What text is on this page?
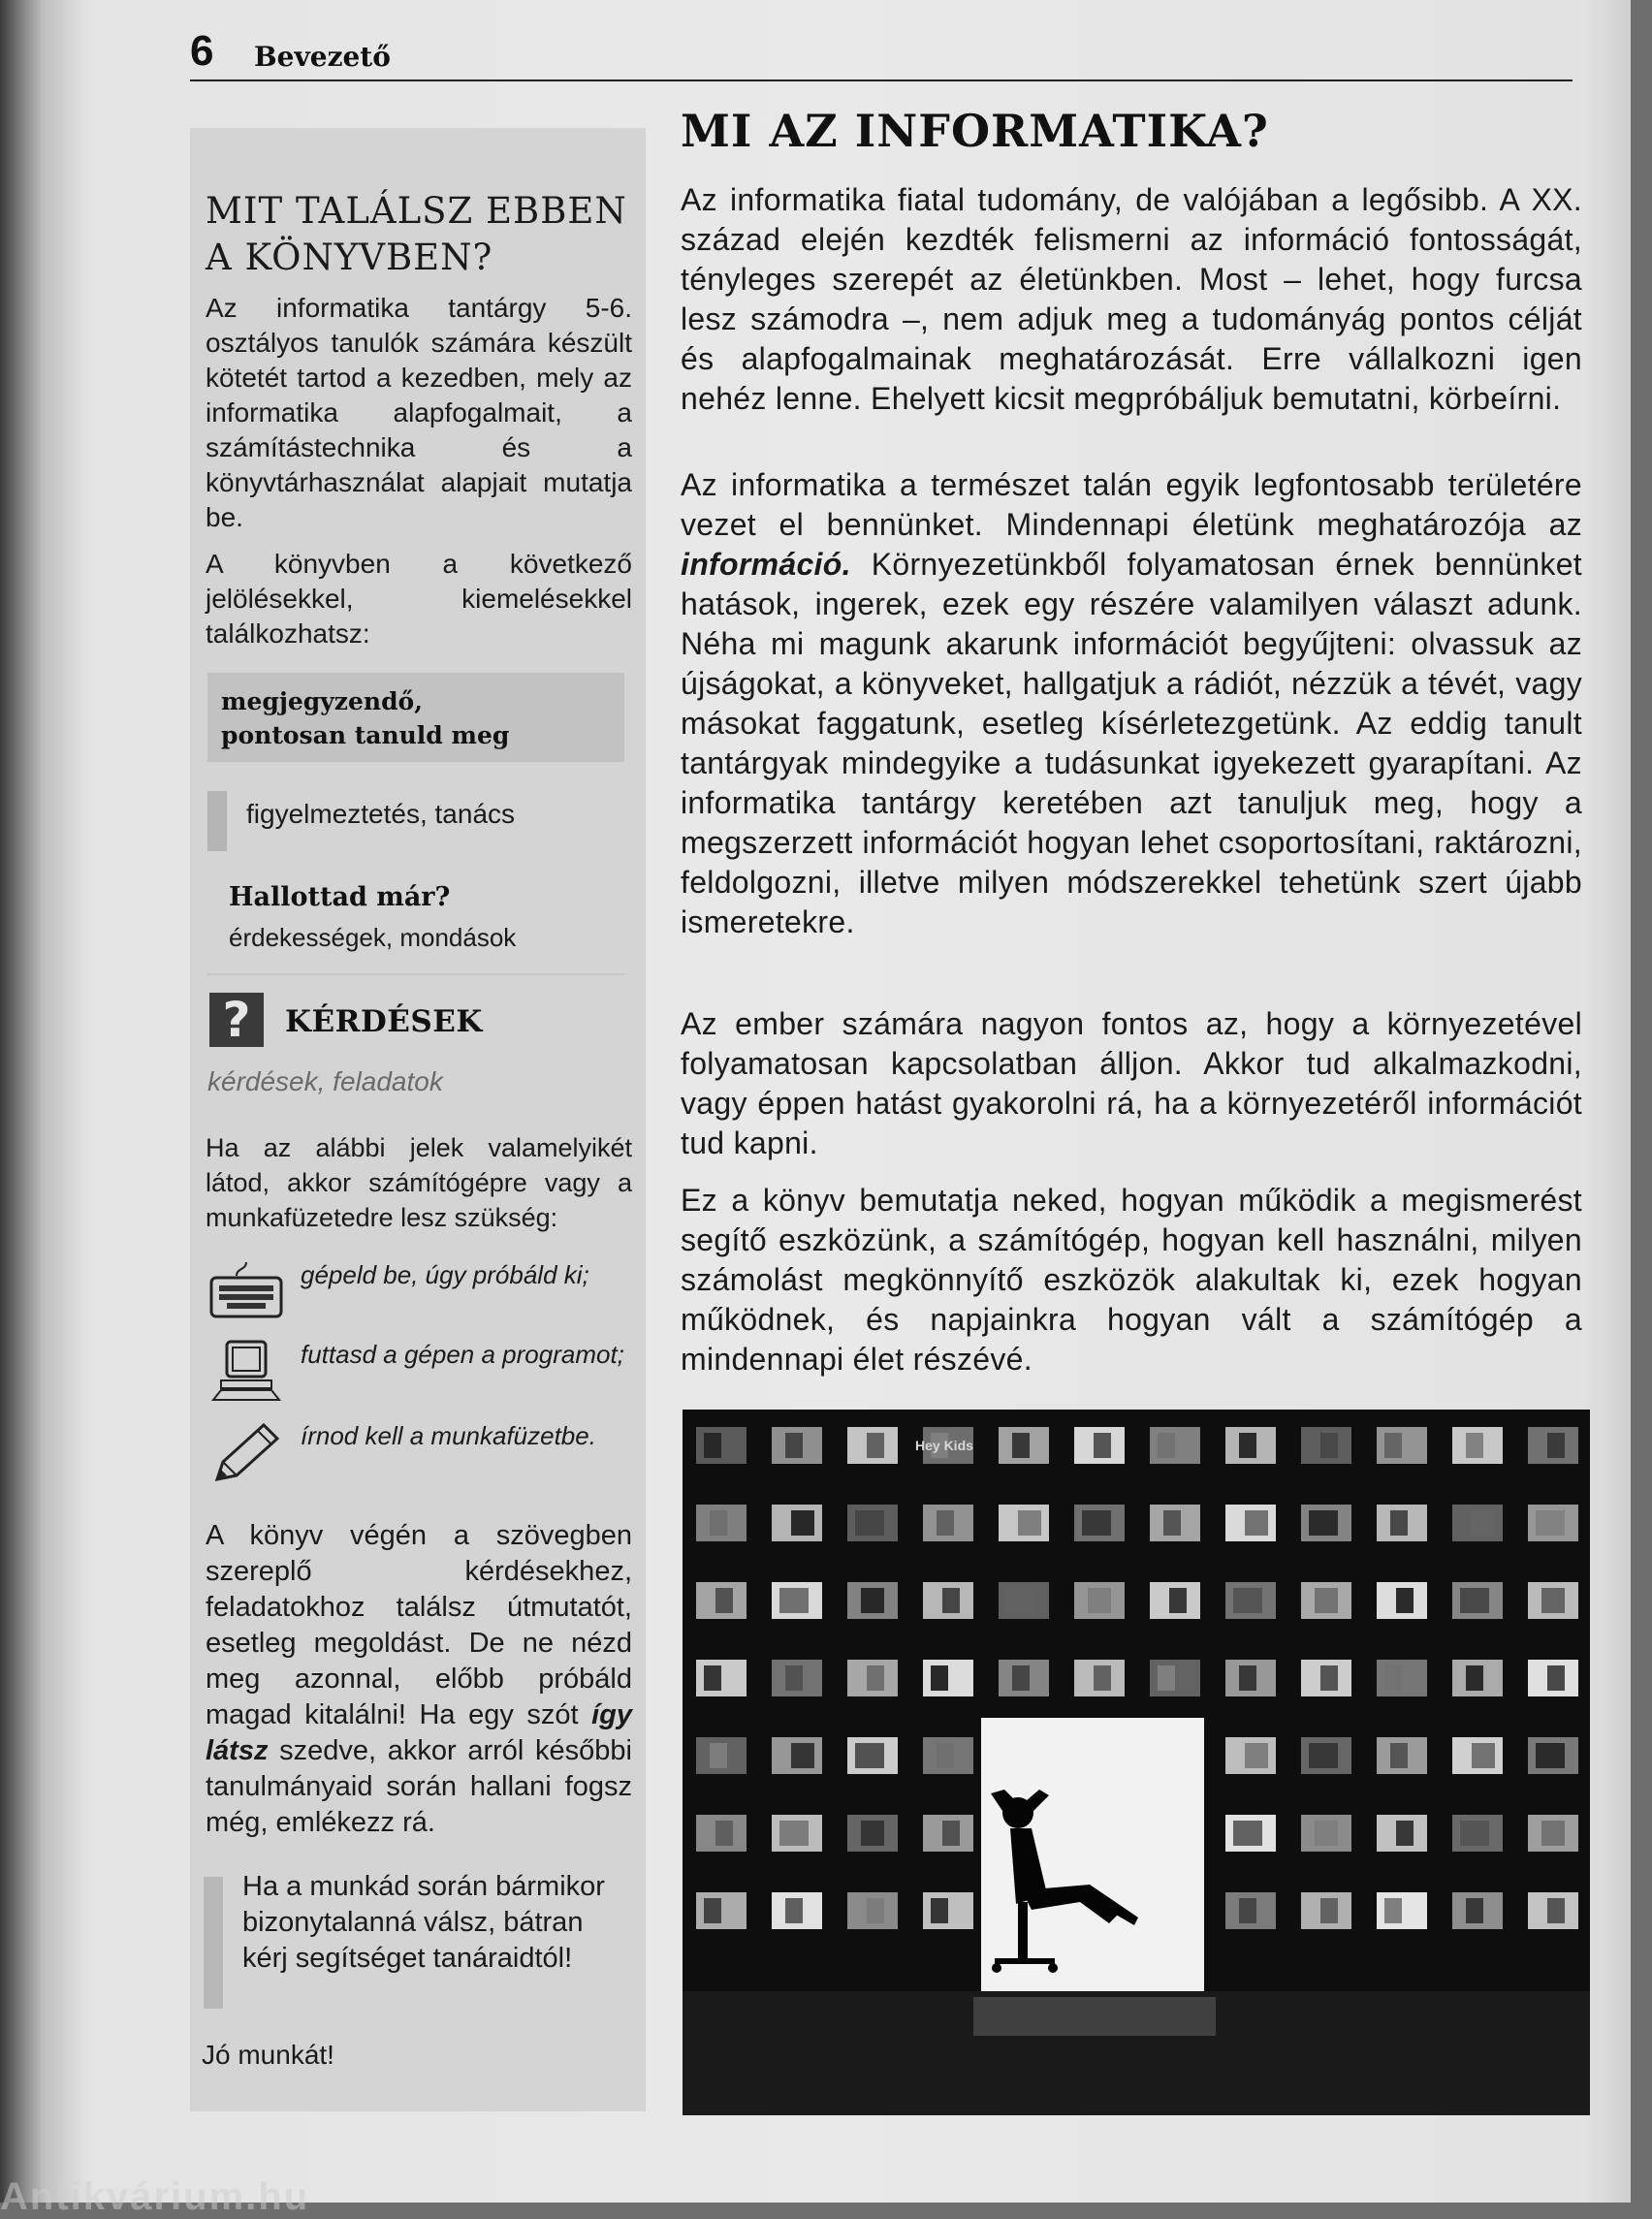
6 Bevezető
MIT TALÁLSZ EBBEN
A KÖNYVBEN?
Az informatika tantárgy 5-6. osztályos tanulók számára készült kötetét tartod a kezedben, mely az informatika alapfogalmait, a számítástechnika és a könyvtárhasználat alapjait mutatja be.
A könyvben a következő jelölésekkel, kiemelésekkel találkozhatsz:
megjegyzendő,
pontosan tanuld meg
figyelmeztetés, tanács
Hallottad már?
érdekességek, mondások
?	KÉRDÉSEK
kérdések, feladatok
Ha az alábbi jelek valamelyikét látod, akkor számítógépre vagy a munkafüzetedre lesz szükség:
gépeld be, úgy próbáld ki;
futtasd a gépen a programot;
írnod kell a munkafüzetbe.
A könyv végén a szövegben szereplő kérdésekhez, feladatokhoz találsz útmutatót, esetleg megoldást. De ne nézd meg azonnal, előbb próbáld magad kitalálni! Ha egy szót így látsz szedve, akkor arról későbbi tanulmányaid során hallani fogsz még, emlékezz rá.
Ha a munkád során bármikor bizonytalanná válsz, bátran kérj segítséget tanáraidtól!
Jó munkát!
MI AZ INFORMATIKA?
Az informatika fiatal tudomány, de valójában a legősibb. A XX. század elején kezdték felismerni az információ fontosságát, tényleges szerepét az életünkben. Most – lehet, hogy furcsa lesz számodra –, nem adjuk meg a tudományág pontos célját és alapfogalmainak meghatározását. Erre vállalkozni igen nehéz lenne. Ehelyett kicsit megpróbáljuk bemutatni, körbeírni.
Az informatika a természet talán egyik legfontosabb területére vezet el bennünket. Mindennapi életünk meghatározója az információ. Környezetünkből folyamatosan érnek bennünket hatások, ingerek, ezek egy részére valamilyen választ adunk. Néha mi magunk akarunk információt begyűjteni: olvassuk az újságokat, a könyveket, hallgatjuk a rádiót, nézzük a tévét, vagy másokat faggatunk, esetleg kísérletezgetünk. Az eddig tanult tantárgyak mindegyike a tudásunkat igyekezett gyarapítani. Az informatika tantárgy keretében azt tanuljuk meg, hogy a megszerzett információt hogyan lehet csoportosítani, raktározni, feldolgozni, illetve milyen módszerekkel tehetünk szert újabb ismeretekre.
Az ember számára nagyon fontos az, hogy a környezetével folyamatosan kapcsolatban álljon. Akkor tud alkalmazkodni, vagy éppen hatást gyakorolni rá, ha a környezetéről információt tud kapni.
Ez a könyv bemutatja neked, hogyan működik a megismerést segítő eszközünk, a számítógép, hogyan kell használni, milyen számolást megkönnyítő eszközök alakultak ki, ezek hogyan működnek, és napjainkra hogyan vált a számítógép a mindennapi élet részévé.
Hey Kids
Antikvárium.hu
